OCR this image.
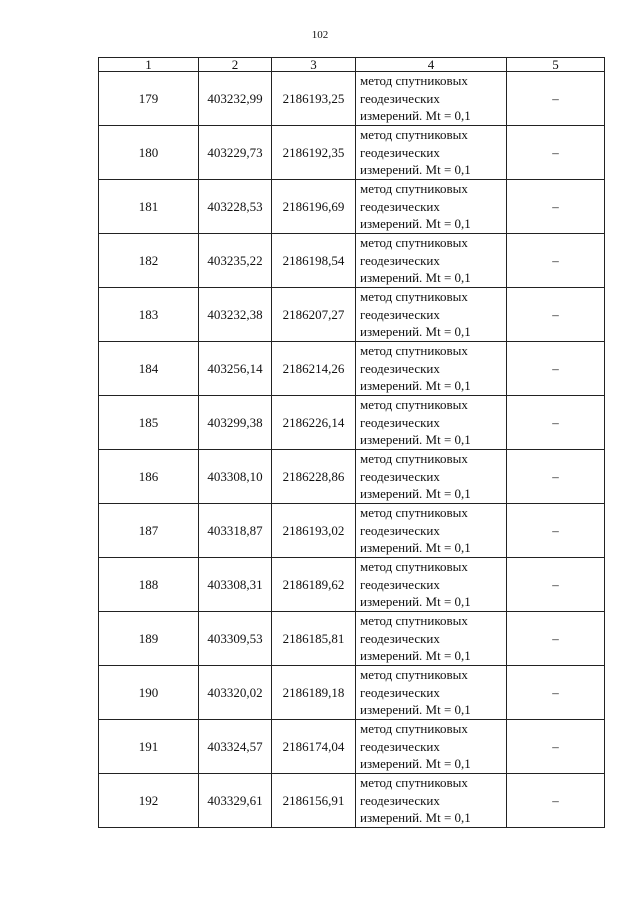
102
1	2	3	4	5
179	403232,99	2186193,25	метод спутниковых
геодезических
измерений. Mt = 0,1	–
180	403229,73	2186192,35	метод спутниковых
геодезических
измерений. Mt = 0,1	–
181	403228,53	2186196,69	метод спутниковых
геодезических
измерений. Mt = 0,1	–
182	403235,22	2186198,54	метод спутниковых
геодезических
измерений. Mt = 0,1	–
183	403232,38	2186207,27	метод спутниковых
геодезических
измерений. Mt = 0,1	–
184	403256,14	2186214,26	метод спутниковых
геодезических
измерений. Mt = 0,1	–
185	403299,38	2186226,14	метод спутниковых
геодезических
измерений. Mt = 0,1	–
186	403308,10	2186228,86	метод спутниковых
геодезических
измерений. Mt = 0,1	–
187	403318,87	2186193,02	метод спутниковых
геодезических
измерений. Mt = 0,1	–
188	403308,31	2186189,62	метод спутниковых
геодезических
измерений. Mt = 0,1	–
189	403309,53	2186185,81	метод спутниковых
геодезических
измерений. Mt = 0,1	–
190	403320,02	2186189,18	метод спутниковых
геодезических
измерений. Mt = 0,1	–
191	403324,57	2186174,04	метод спутниковых
геодезических
измерений. Mt = 0,1	–
192	403329,61	2186156,91	метод спутниковых
геодезических
измерений. Mt = 0,1	–
